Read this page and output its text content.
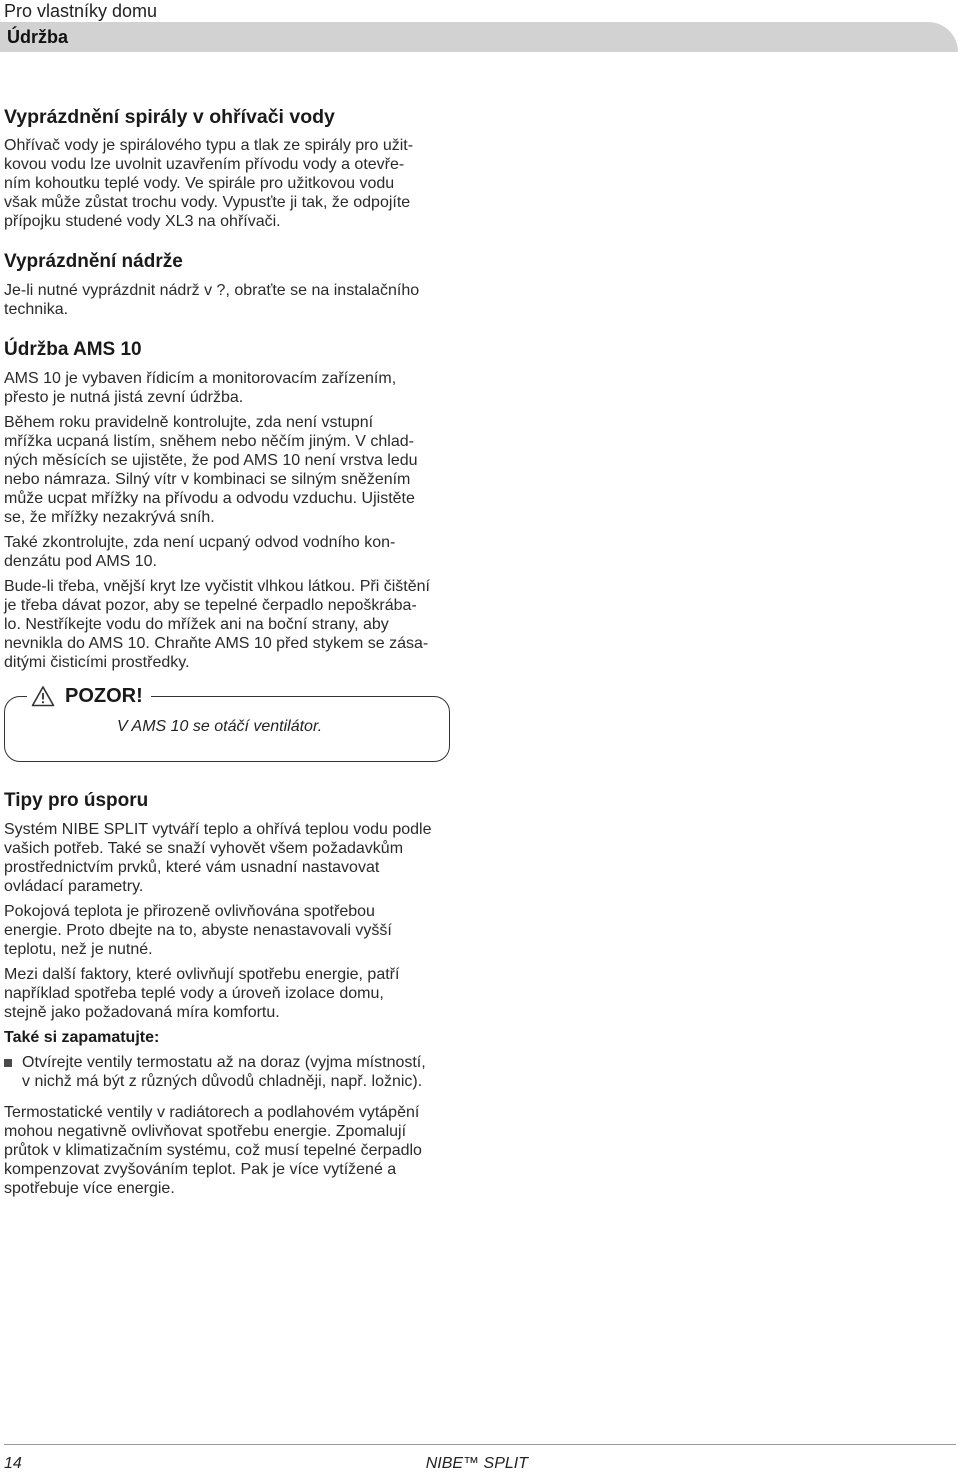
Pro vlastníky domu
Údržba
Vyprázdnění spirály v ohřívači vody

Ohřívač vody je spirálového typu a tlak ze spirály pro užit-

kovou vodu lze uvolnit uzavřením přívodu vody a otevře-

ním kohoutku teplé vody. Ve spirále pro užitkovou vodu

však může zůstat trochu vody. Vypusťte ji tak, že odpojíte

přípojku studené vody XL3 na ohřívači.

Vyprázdnění nádrže

Je-li nutné vyprázdnit nádrž v ?, obraťte se na instalačního

technika.

Údržba AMS 10

AMS 10 je vybaven řídicím a monitorovacím zařízením,

přesto je nutná jistá zevní údržba.

Během roku pravidelně kontrolujte, zda není vstupní

mřížka ucpaná listím, sněhem nebo něčím jiným. V chlad-

ných měsících se ujistěte, že pod AMS 10 není vrstva ledu

nebo námraza. Silný vítr v kombinaci se silným sněžením

může ucpat mřížky na přívodu a odvodu vzduchu. Ujistěte

se, že mřížky nezakrývá sníh.

Také zkontrolujte, zda není ucpaný odvod vodního kon-

denzátu pod AMS 10.

Bude-li třeba, vnější kryt lze vyčistit vlhkou látkou. Při čištění

je třeba dávat pozor, aby se tepelné čerpadlo nepoškrába-

lo. Nestříkejte vodu do mřížek ani na boční strany, aby

nevnikla do AMS 10. Chraňte AMS 10 před stykem se zása-

ditými čisticími prostředky.

POZOR!
V AMS 10 se otáčí ventilátor.
Tipy pro úsporu

Systém NIBE SPLIT vytváří teplo a ohřívá teplou vodu podle

vašich potřeb. Také se snaží vyhovět všem požadavkům

prostřednictvím prvků, které vám usnadní nastavovat

ovládací parametry.

Pokojová teplota je přirozeně ovlivňována spotřebou

energie. Proto dbejte na to, abyste nenastavovali vyšší

teplotu, než je nutné.

Mezi další faktory, které ovlivňují spotřebu energie, patří

například spotřeba teplé vody a úroveň izolace domu,

stejně jako požadovaná míra komfortu.

Také si zapamatujte:

Otvírejte ventily termostatu až na doraz (vyjma místností,

v nichž má být z různých důvodů chladněji, např. ložnic).

Termostatické ventily v radiátorech a podlahovém vytápění

mohou negativně ovlivňovat spotřebu energie. Zpomalují

průtok v klimatizačním systému, což musí tepelné čerpadlo

kompenzovat zvyšováním teplot. Pak je více vytížené a

spotřebuje více energie.

14	NIBE™ SPLIT
